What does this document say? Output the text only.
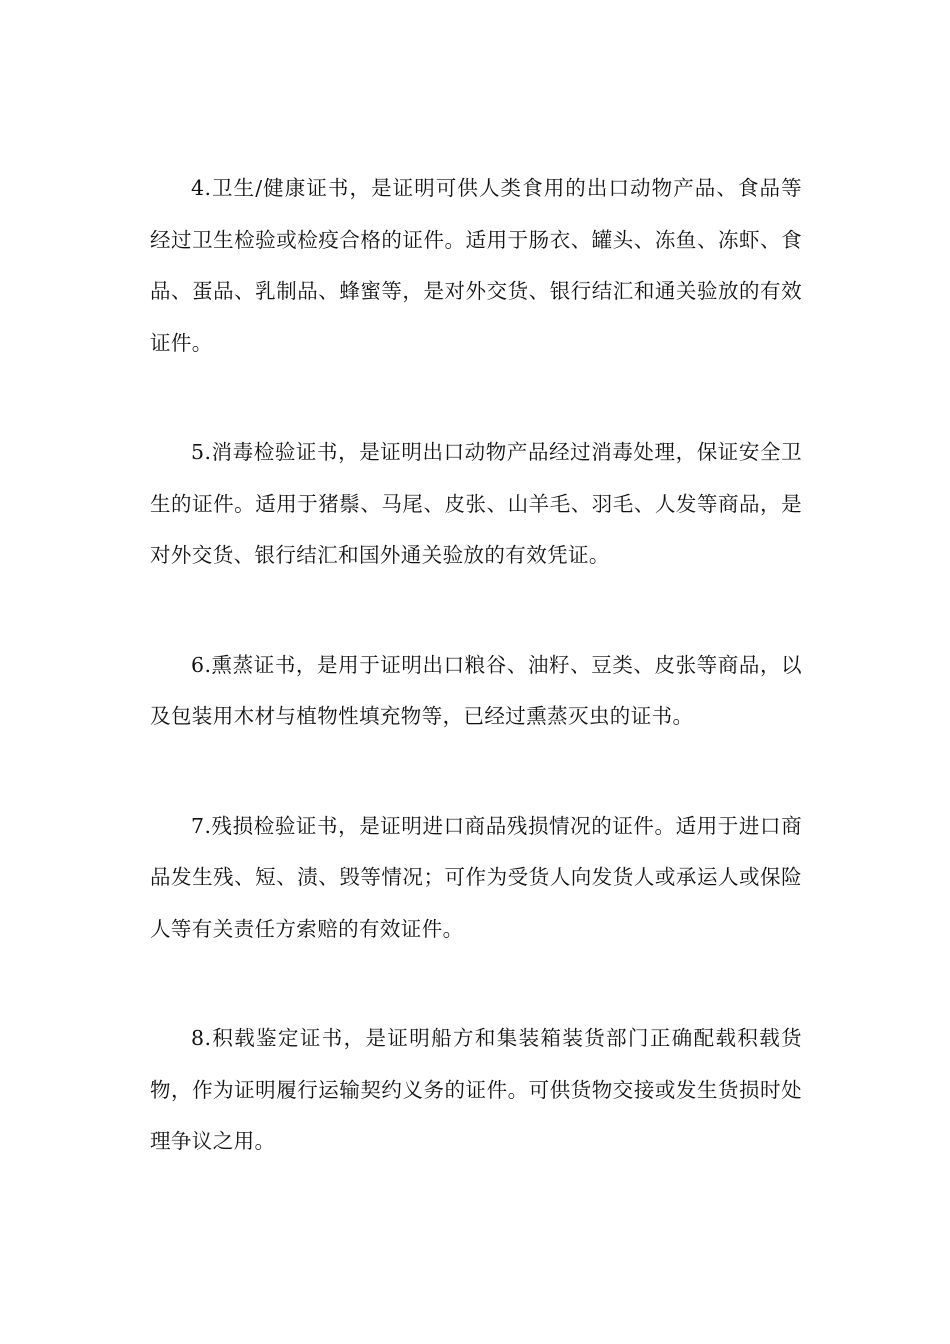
4.卫生/健康证书，是证明可供人类食用的出口动物产品、食品等经过卫生检验或检疫合格的证件。适用于肠衣、罐头、冻鱼、冻虾、食品、蛋品、乳制品、蜂蜜等，是对外交货、银行结汇和通关验放的有效证件。

5.消毒检验证书，是证明出口动物产品经过消毒处理，保证安全卫生的证件。适用于猪鬃、马尾、皮张、山羊毛、羽毛、人发等商品，是对外交货、银行结汇和国外通关验放的有效凭证。

6.熏蒸证书，是用于证明出口粮谷、油籽、豆类、皮张等商品，以及包装用木材与植物性填充物等，已经过熏蒸灭虫的证书。

7.残损检验证书，是证明进口商品残损情况的证件。适用于进口商品发生残、短、渍、毁等情况；可作为受货人向发货人或承运人或保险人等有关责任方索赔的有效证件。

8.积载鉴定证书，是证明船方和集装箱装货部门正确配载积载货物，作为证明履行运输契约义务的证件。可供货物交接或发生货损时处理争议之用。
